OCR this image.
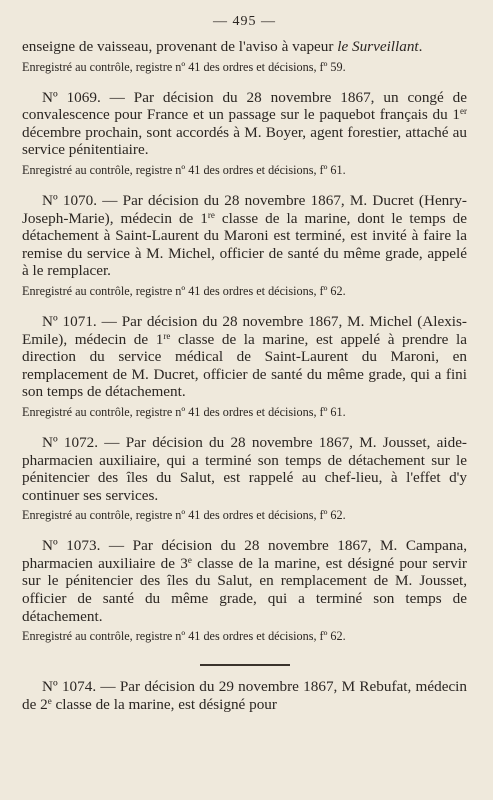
— 495 —

enseigne de vaisseau, provenant de l'aviso à vapeur le Surveillant.

Enregistré au contrôle, registre nº 41 des ordres et décisions, fº 59.

Nº 1069. — Par décision du 28 novembre 1867, un congé de convalescence pour France et un passage sur le paquebot français du 1er décembre prochain, sont accordés à M. Boyer, agent forestier, attaché au service pénitentiaire.

Enregistré au contrôle, registre nº 41 des ordres et décisions, fº 61.

Nº 1070. — Par décision du 28 novembre 1867, M. Ducret (Henry-Joseph-Marie), médecin de 1re classe de la marine, dont le temps de détachement à Saint-Laurent du Maroni est terminé, est invité à faire la remise du service à M. Michel, officier de santé du même grade, appelé à le remplacer.

Enregistré au contrôle, registre nº 41 des ordres et décisions, fº 62.

Nº 1071. — Par décision du 28 novembre 1867, M. Michel (Alexis-Emile), médecin de 1re classe de la marine, est appelé à prendre la direction du service médical de Saint-Laurent du Maroni, en remplacement de M. Ducret, officier de santé du même grade, qui a fini son temps de détachement.

Enregistré au contrôle, registre nº 41 des ordres et décisions, fº 61.

Nº 1072. — Par décision du 28 novembre 1867, M. Jousset, aide-pharmacien auxiliaire, qui a terminé son temps de détachement sur le pénitencier des îles du Salut, est rappelé au chef-lieu, à l'effet d'y continuer ses services.

Enregistré au contrôle, registre nº 41 des ordres et décisions, fº 62.

Nº 1073. — Par décision du 28 novembre 1867, M. Campana, pharmacien auxiliaire de 3e classe de la marine, est désigné pour servir sur le pénitencier des îles du Salut, en remplacement de M. Jousset, officier de santé du même grade, qui a terminé son temps de détachement.

Enregistré au contrôle, registre nº 41 des ordres et décisions, fº 62.

Nº 1074. — Par décision du 29 novembre 1867, M Rebufat, médecin de 2e classe de la marine, est désigné pour
